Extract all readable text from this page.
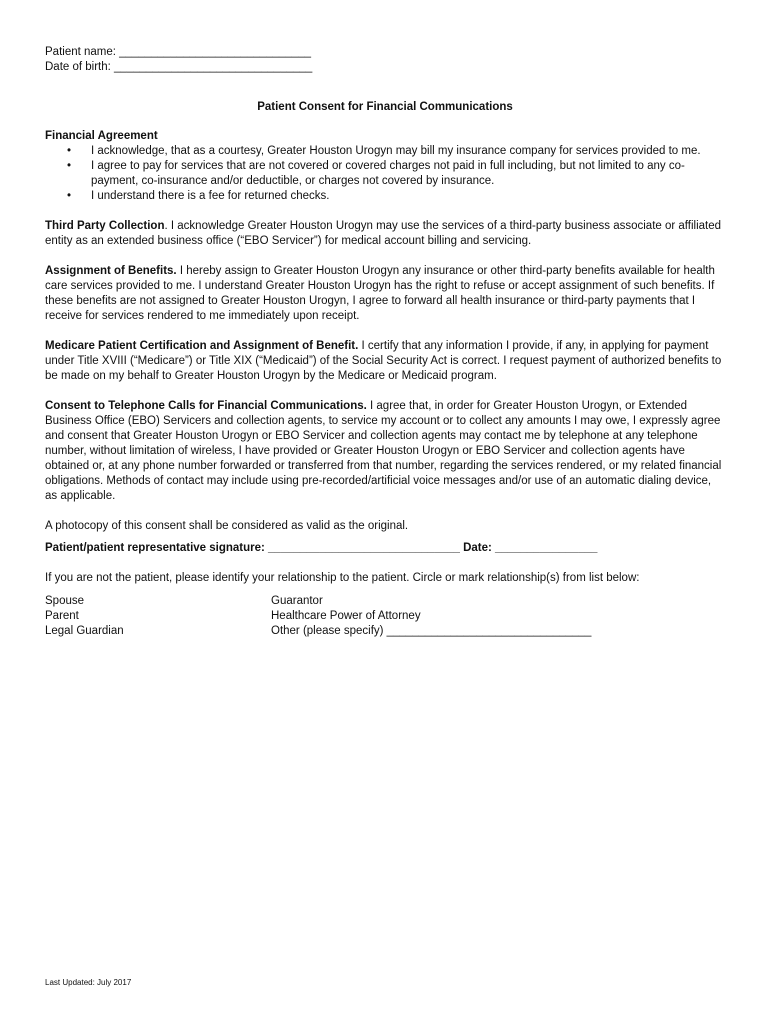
Patient name: ______________________________
Date of birth: _______________________________
Patient Consent for Financial Communications
Financial Agreement
• I acknowledge, that as a courtesy, Greater Houston Urogyn may bill my insurance company for services provided to me.
• I agree to pay for services that are not covered or covered charges not paid in full including, but not limited to any co-payment, co-insurance and/or deductible, or charges not covered by insurance.
• I understand there is a fee for returned checks.

Third Party Collection. I acknowledge Greater Houston Urogyn may use the services of a third-party business associate or affiliated entity as an extended business office (“EBO Servicer”) for medical account billing and servicing.

Assignment of Benefits. I hereby assign to Greater Houston Urogyn any insurance or other third-party benefits available for health care services provided to me. I understand Greater Houston Urogyn has the right to refuse or accept assignment of such benefits. If these benefits are not assigned to Greater Houston Urogyn, I agree to forward all health insurance or third-party payments that I receive for services rendered to me immediately upon receipt.

Medicare Patient Certification and Assignment of Benefit. I certify that any information I provide, if any, in applying for payment under Title XVIII (“Medicare”) or Title XIX (“Medicaid”) of the Social Security Act is correct. I request payment of authorized benefits to be made on my behalf to Greater Houston Urogyn by the Medicare or Medicaid program.

Consent to Telephone Calls for Financial Communications. I agree that, in order for Greater Houston Urogyn, or Extended Business Office (EBO) Servicers and collection agents, to service my account or to collect any amounts I may owe, I expressly agree and consent that Greater Houston Urogyn or EBO Servicer and collection agents may contact me by telephone at any telephone number, without limitation of wireless, I have provided or Greater Houston Urogyn or EBO Servicer and collection agents have obtained or, at any phone number forwarded or transferred from that number, regarding the services rendered, or my related financial obligations. Methods of contact may include using pre-recorded/artificial voice messages and/or use of an automatic dialing device, as applicable.

A photocopy of this consent shall be considered as valid as the original.

Patient/patient representative signature: ______________________________ Date: ________________

If you are not the patient, please identify your relationship to the patient. Circle or mark relationship(s) from list below:

Spouse
Parent
Legal Guardian
Guarantor
Healthcare Power of Attorney
Other (please specify) ________________________________
Last Updated: July 2017
